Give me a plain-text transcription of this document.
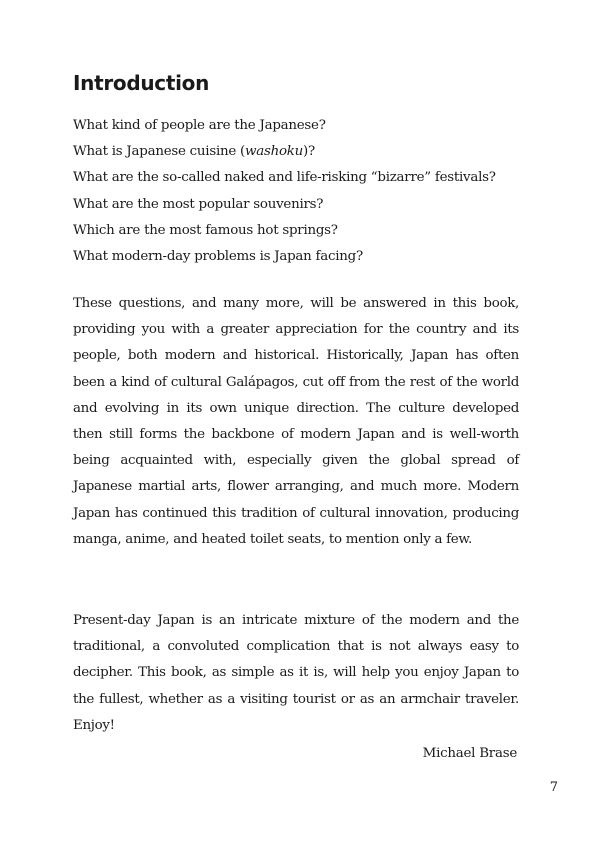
Introduction
What kind of people are the Japanese?
What is Japanese cuisine (washoku)?
What are the so-called naked and life-risking “bizarre” festivals?
What are the most popular souvenirs?
Which are the most famous hot springs?
What modern-day problems is Japan facing?

These questions, and many more, will be answered in this book, providing you with a greater appreciation for the country and its people, both modern and historical. Historically, Japan has often been a kind of cultural Galápagos, cut off from the rest of the world and evolving in its own unique direction. The culture developed then still forms the backbone of modern Japan and is well-worth being acquainted with, especially given the global spread of Japanese martial arts, flower arranging, and much more. Modern Japan has continued this tradition of cultural innovation, producing manga, anime, and heated toilet seats, to mention only a few.

Present-day Japan is an intricate mixture of the modern and the traditional, a convoluted complication that is not always easy to decipher. This book, as simple as it is, will help you enjoy Japan to the fullest, whether as a visiting tourist or as an armchair traveler. Enjoy!

Michael Brase

7
